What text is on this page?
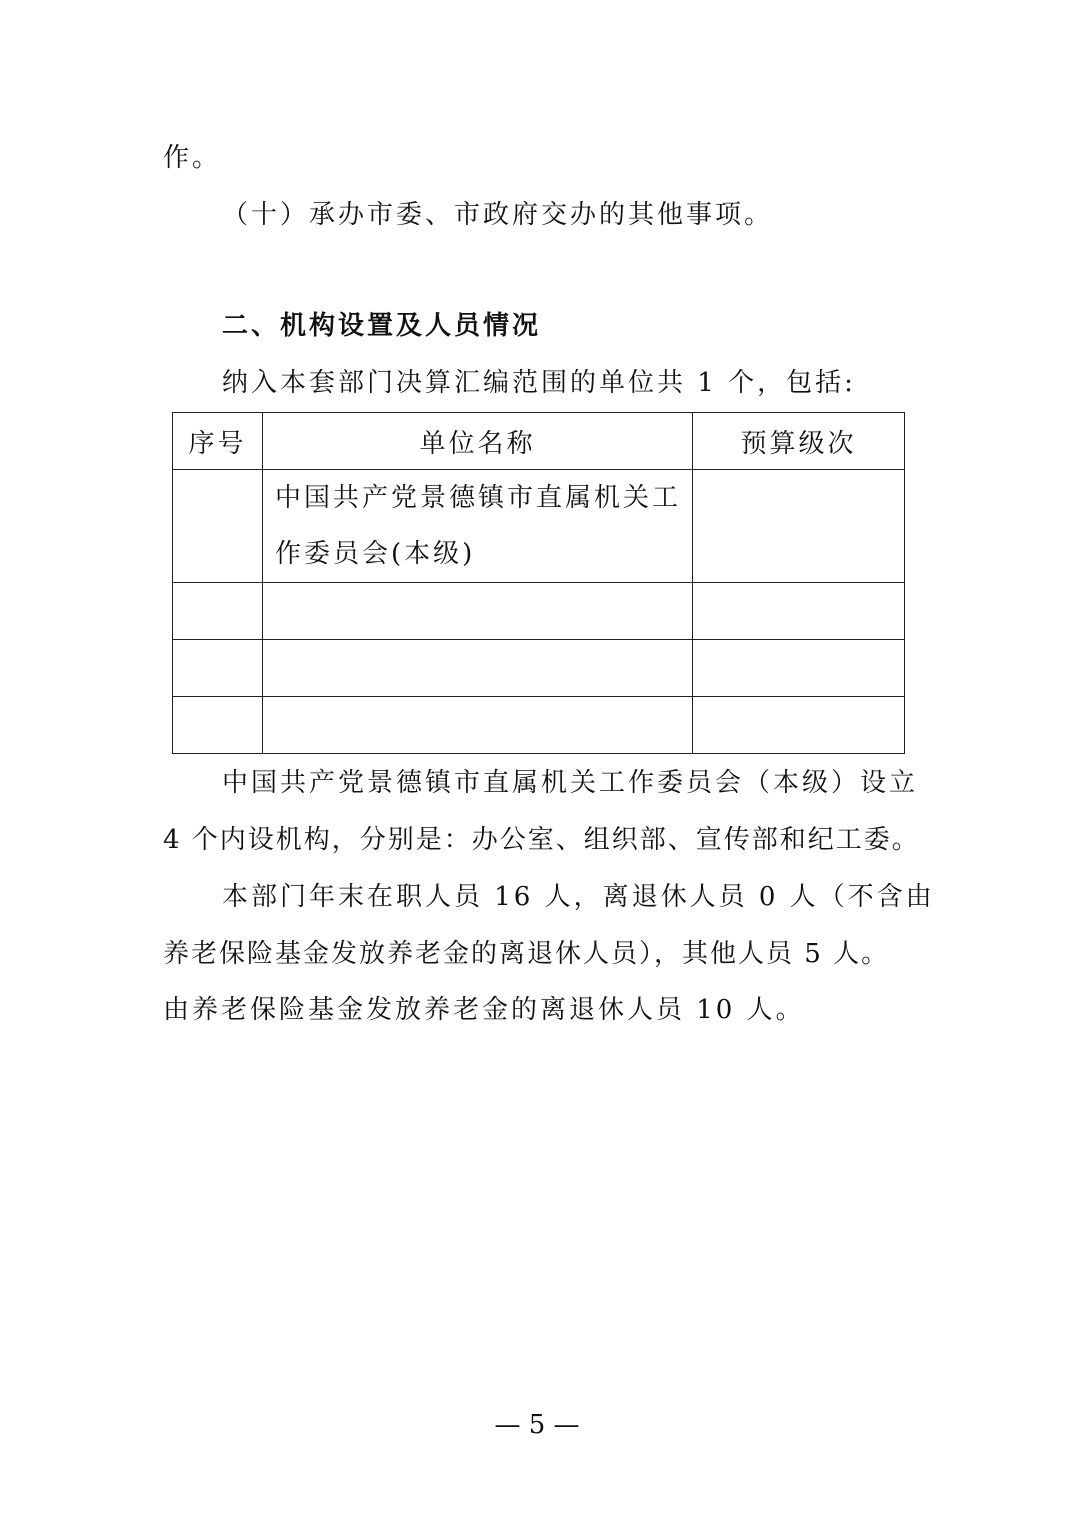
作。
（十）承办市委、市政府交办的其他事项。
二、机构设置及人员情况
纳入本套部门决算汇编范围的单位共 1 个，包括:
序号	单位名称	预算级次
	中国共产党景德镇市直属机关工作委员会(本级)	

中国共产党景德镇市直属机关工作委员会（本级）设立
4 个内设机构，分别是：办公室、组织部、宣传部和纪工委。
本部门年末在职人员 16 人，离退休人员 0 人（不含由
养老保险基金发放养老金的离退休人员），其他人员 5 人。
由养老保险基金发放养老金的离退休人员 10 人。
— 5 —
